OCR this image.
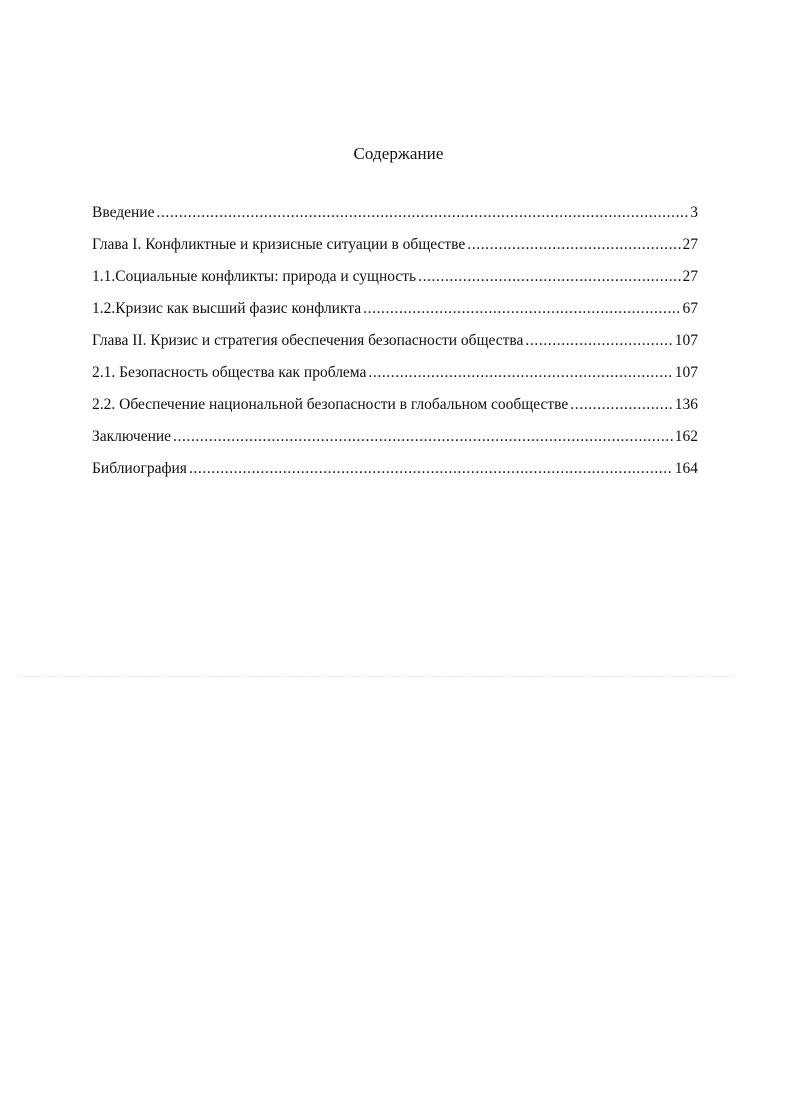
Содержание
Введение .....	3
Глава I. Конфликтные и кризисные ситуации в обществе .....	27
1.1. Социальные конфликты: природа и сущность .....	27
1.2. Кризис как высший фазис конфликта .....	67
Глава II. Кризис и стратегия обеспечения безопасности общества .....	107
2.1. Безопасность общества как проблема .....	107
2.2. Обеспечение национальной безопасности в глобальном сообществе .....	136
Заключение .....	162
Библиография .....	164
